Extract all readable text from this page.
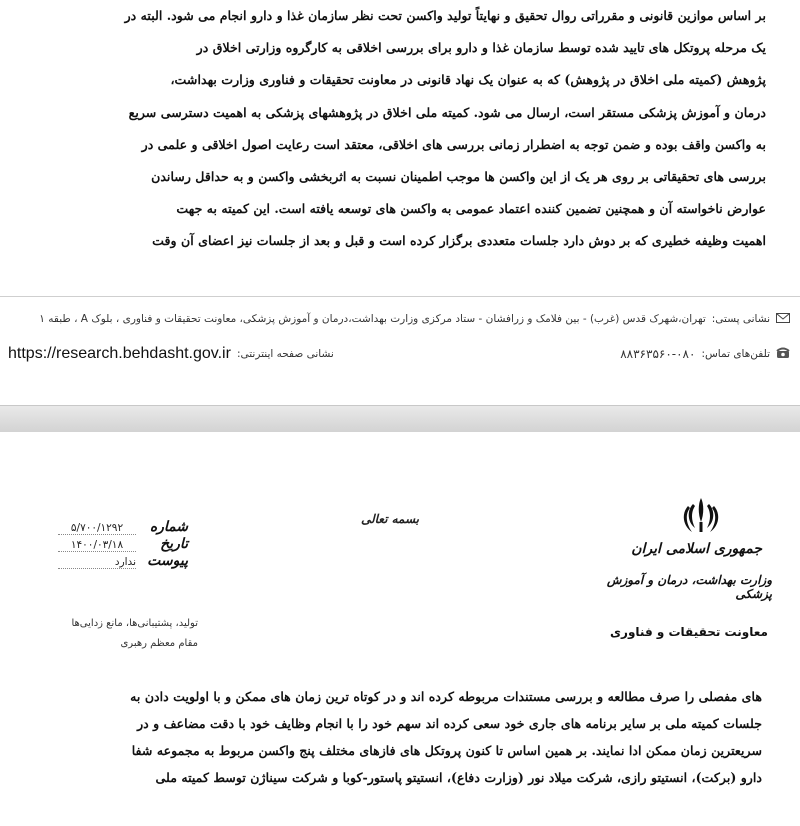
بر اساس موازین قانونی و مقرراتی روال تحقیق و نهایتاً تولید واکسن تحت نظر سازمان غذا و دارو انجام می شود. البته در
یک مرحله پروتکل های تایید شده توسط سازمان غذا و دارو برای بررسی اخلاقی به کارگروه وزارتی اخلاق در
پژوهش (کمیته ملی اخلاق در پژوهش) که به عنوان یک نهاد قانونی در معاونت تحقیقات و فناوری وزارت بهداشت،
درمان و آموزش پزشکی مستقر است، ارسال می شود. کمیته ملی اخلاق در پژوهشهای پزشکی به اهمیت دسترسی سریع
به واکسن واقف بوده و ضمن توجه به اضطرار زمانی بررسی های اخلاقی، معتقد است رعایت اصول اخلاقی و علمی در
بررسی های تحقیقاتی بر روی هر یک از این واکسن ها موجب اطمینان نسبت به اثربخشی واکسن و به حداقل رساندن
عوارض ناخواسته آن و همچنین تضمین کننده اعتماد عمومی به واکسن های توسعه یافته است. این کمیته به جهت
اهمیت وظیفه خطیری که بر دوش دارد جلسات متعددی برگزار کرده است و قبل و بعد از جلسات نیز اعضای آن وقت
نشانی پستی:
تهران،شهرک قدس (غرب) - بین فلامک و زرافشان - ستاد مرکزی وزارت بهداشت،درمان و آموزش پزشکی، معاونت تحقیقات و فناوری ، بلوک A ، طبقه ۱
تلفن‌های تماس:
۸۸۳۶۳۵۶۰-۰۸۰
نشانی صفحه اینترنتی:
https://research.behdasht.gov.ir
بسمه تعالی
شماره
۵/۷۰۰/۱۲۹۲
تاریخ
۱۴۰۰/۰۳/۱۸
پیوست
ندارد
تولید، پشتیبانی‌ها، مانع زدایی‌ها
مقام معظم رهبری
جمهوری اسلامی ایران
وزارت بهداشت، درمان و آموزش پزشکی
معاونت تحقیقات و فناوری
های مفصلی را صرف مطالعه و بررسی مستندات مربوطه کرده اند و در کوتاه ترین زمان های ممکن و با اولویت دادن به
جلسات کمیته ملی بر سایر برنامه های جاری خود سعی کرده اند سهم خود را با انجام وظایف خود با دقت مضاعف و در
سریعترین زمان ممکن ادا نمایند. بر همین اساس تا کنون پروتکل های فازهای مختلف پنج واکسن مربوط به مجموعه شفا
دارو (برکت)، انستیتو رازی، شرکت میلاد نور (وزارت دفاع)، انستیتو پاستور-کوبا و شرکت سیناژن توسط کمیته ملی
